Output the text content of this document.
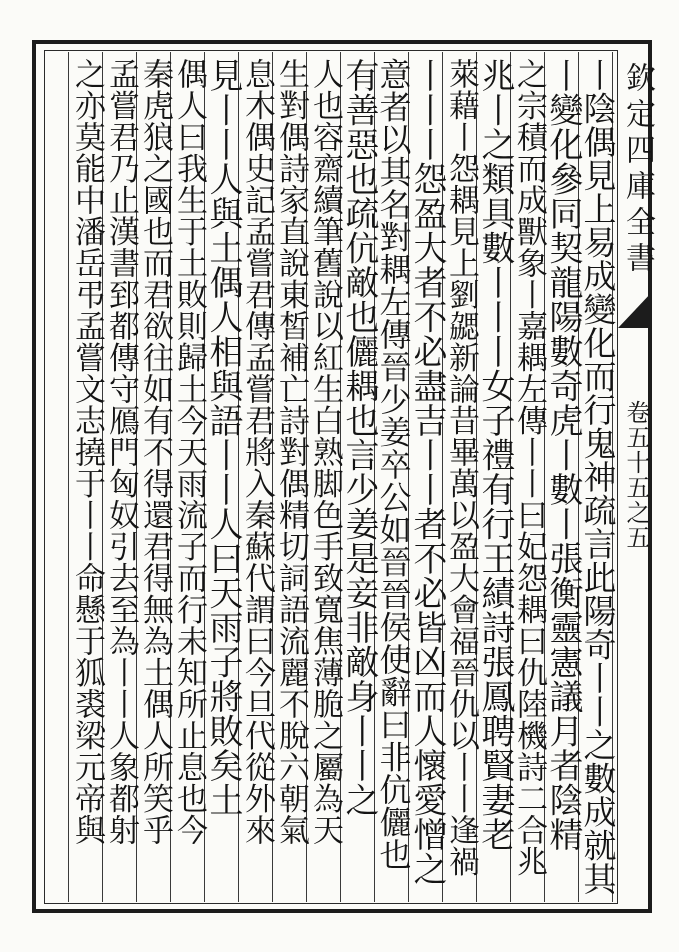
欽定四庫全書
卷五十五之五
丨陰偶見上易成變化而行鬼神疏言此陽奇丨丨之數成就其
丨變化參同契龍陽數奇虎丨數丨張衡靈憲議月者陰精
之宗積而成獸象丨嘉耦左傳丨丨曰妃怨耦曰仇陸機詩二合兆
兆丨之類具數丨丨丨女子禮有行王績詩張鳳聘賢妻老
萊藉丨怨耦見上劉勰新論昔畢萬以盈大會福晉仇以丨丨逢禍
丨丨丨怨盈大者不必盡吉丨丨者不必皆凶而人懷愛憎之
意者以其名對耦左傳晉少姜卒公如晉晉侯使辭曰非伉儷也
有善惡也疏伉敵也儷耦也言少姜是妾非敵身丨丨之
人也容齋續筆舊說以紅生白熟脚色手致寬焦薄脆之屬為天
生對偶詩家直說東皙補亡詩對偶精切詞語流麗不脫六朝氣
息木偶史記孟嘗君傳孟嘗君將入秦蘇代謂曰今旦代從外來
見丨丨人與土偶人相與語丨丨人曰天雨子將敗矣土
偶人曰我生于土敗則歸土今天雨流子而行未知所止息也今
秦虎狼之國也而君欲往如有不得還君得無為土偶人所笑乎
孟嘗君乃止漢書郅都傳守鴈門匈奴引去至為丨丨人象都射
之亦莫能中潘岳弔孟嘗文志撓于丨丨命懸于狐裘梁元帝與
